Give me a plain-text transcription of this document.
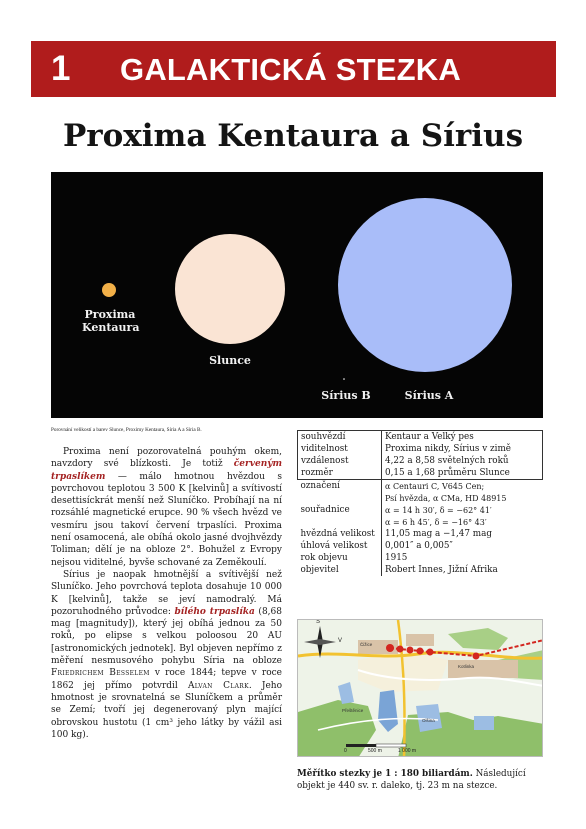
1 GALAKTICKÁ STEZKA
Proxima Kentaura a Sírius
Proxima
Kentaura
Slunce
Sírius B	Sírius A
Porovnání velikostí a barev Slunce, Proximy Kentaura, Síria A a Síria B.

Proxima není pozorovatelná pouhým okem, navzdory své blízkosti. Je totiž červeným trpaslíkem — málo hmotnou hvězdou s povrchovou teplotou 3 500 K [kelvinů] a svítivostí desettisíckrát menší než Sluníčko. Probíhají na ní rozsáhlé magnetické erupce. 90 % všech hvězd ve vesmíru jsou takoví červení trpaslíci. Proxima není osamocená, ale obíhá okolo jasné dvojhvězdy Toliman; dělí je na obloze 2°. Bohužel z Evropy nejsou viditelné, byvše schované za Zeměkoulí.

Sírius je naopak hmotnější a svítivější než Sluníčko. Jeho povrchová teplota dosahuje 10 000 K [kelvinů], takže se jeví namodralý. Má pozoruhodného průvodce: bílého trpaslíka (8,68 mag [magnitudy]), který jej obíhá jednou za 50 roků, po elipse s velkou poloosou 20 AU [astronomických jednotek]. Byl objeven nepřímo z měření nesmusového pohybu Síria na obloze Friedrichem Besselem v roce 1844; tepve v roce 1862 jej přímo potvrdil Alvan Clark. Jeho hmotnost je srovnatelná se Sluníčkem a průměr se Zemí; tvoří jej degenerovaný plyn mající obrovskou hustotu (1 cm³ jeho látky by vážil asi 100 kg).

souhvězdí	Kentaur a Velký pes
viditelnost	Proxima nikdy, Sírius v zimě
vzdálenost	4,22 a 8,58 světelných roků
rozměr	0,15 a 1,68 průměru Slunce
označení	α Centauri C, V645 Cen;
	Psí hvězda, α CMa, HD 48915
souřadnice	α = 14 h 30′, δ = −62° 41′
	α = 6 h 45′, δ = −16° 43′
hvězdná velikost	11,05 mag a −1,47 mag
úhlová velikost	0,001″ a 0,005″
rok objevu	1915
objevitel	Robert Innes, Jižní Afrika
S
V
Čižice
Kotlinka
Přeštěnice
Olšina
0	500 m	1 000 m
Měřítko stezky je 1 : 180 biliardám. Následující objekt je 440 sv. r. daleko, tj. 23 m na stezce.
